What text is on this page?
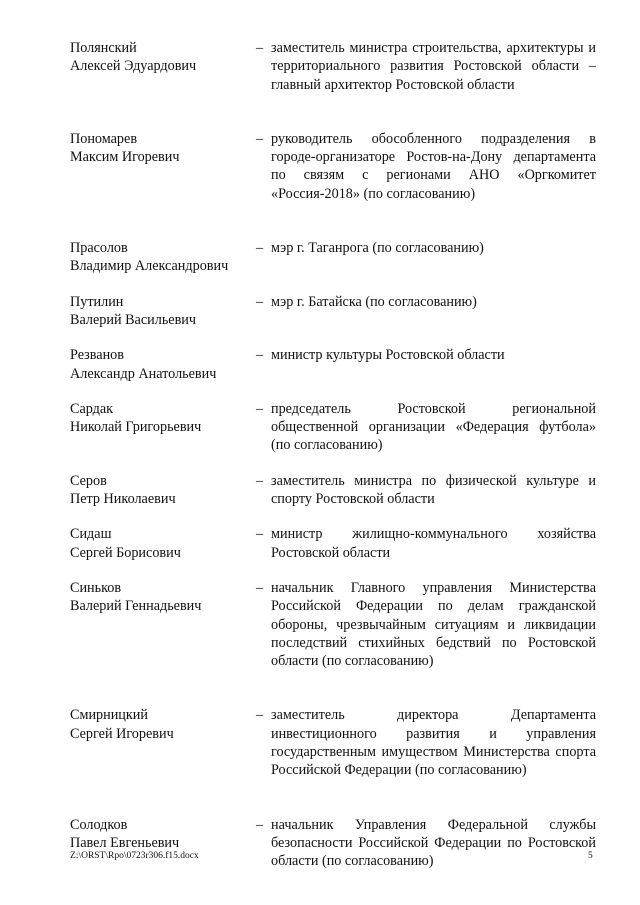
Полянский
Алексей Эдуардович
– заместитель министра строительства, архитектуры и территориального развития Ростовской области – главный архитектор Ростовской области
Пономарев
Максим Игоревич
– руководитель обособленного подразделения в городе-организаторе Ростов-на-Дону департамента по связям с регионами АНО «Оргкомитет «Россия-2018» (по согласованию)
Прасолов
Владимир Александрович
– мэр г. Таганрога (по согласованию)
Путилин
Валерий Васильевич
– мэр г. Батайска (по согласованию)
Резванов
Александр Анатольевич
– министр культуры Ростовской области
Сардак
Николай Григорьевич
– председатель Ростовской региональной общественной организации «Федерация футбола» (по согласованию)
Серов
Петр Николаевич
– заместитель министра по физической культуре и спорту Ростовской области
Сидаш
Сергей Борисович
– министр жилищно-коммунального хозяйства Ростовской области
Синьков
Валерий Геннадьевич
– начальник Главного управления Министерства Российской Федерации по делам гражданской обороны, чрезвычайным ситуациям и ликвидации последствий стихийных бедствий по Ростовской области (по согласованию)
Смирницкий
Сергей Игоревич
– заместитель директора Департамента инвестиционного развития и управления государственным имуществом Министерства спорта Российской Федерации (по согласованию)
Солодков
Павел Евгеньевич
– начальник Управления Федеральной службы безопасности Российской Федерации по Ростовской области (по согласованию)
Z:\ORST\Rpo\0723r306.f15.docx	5
